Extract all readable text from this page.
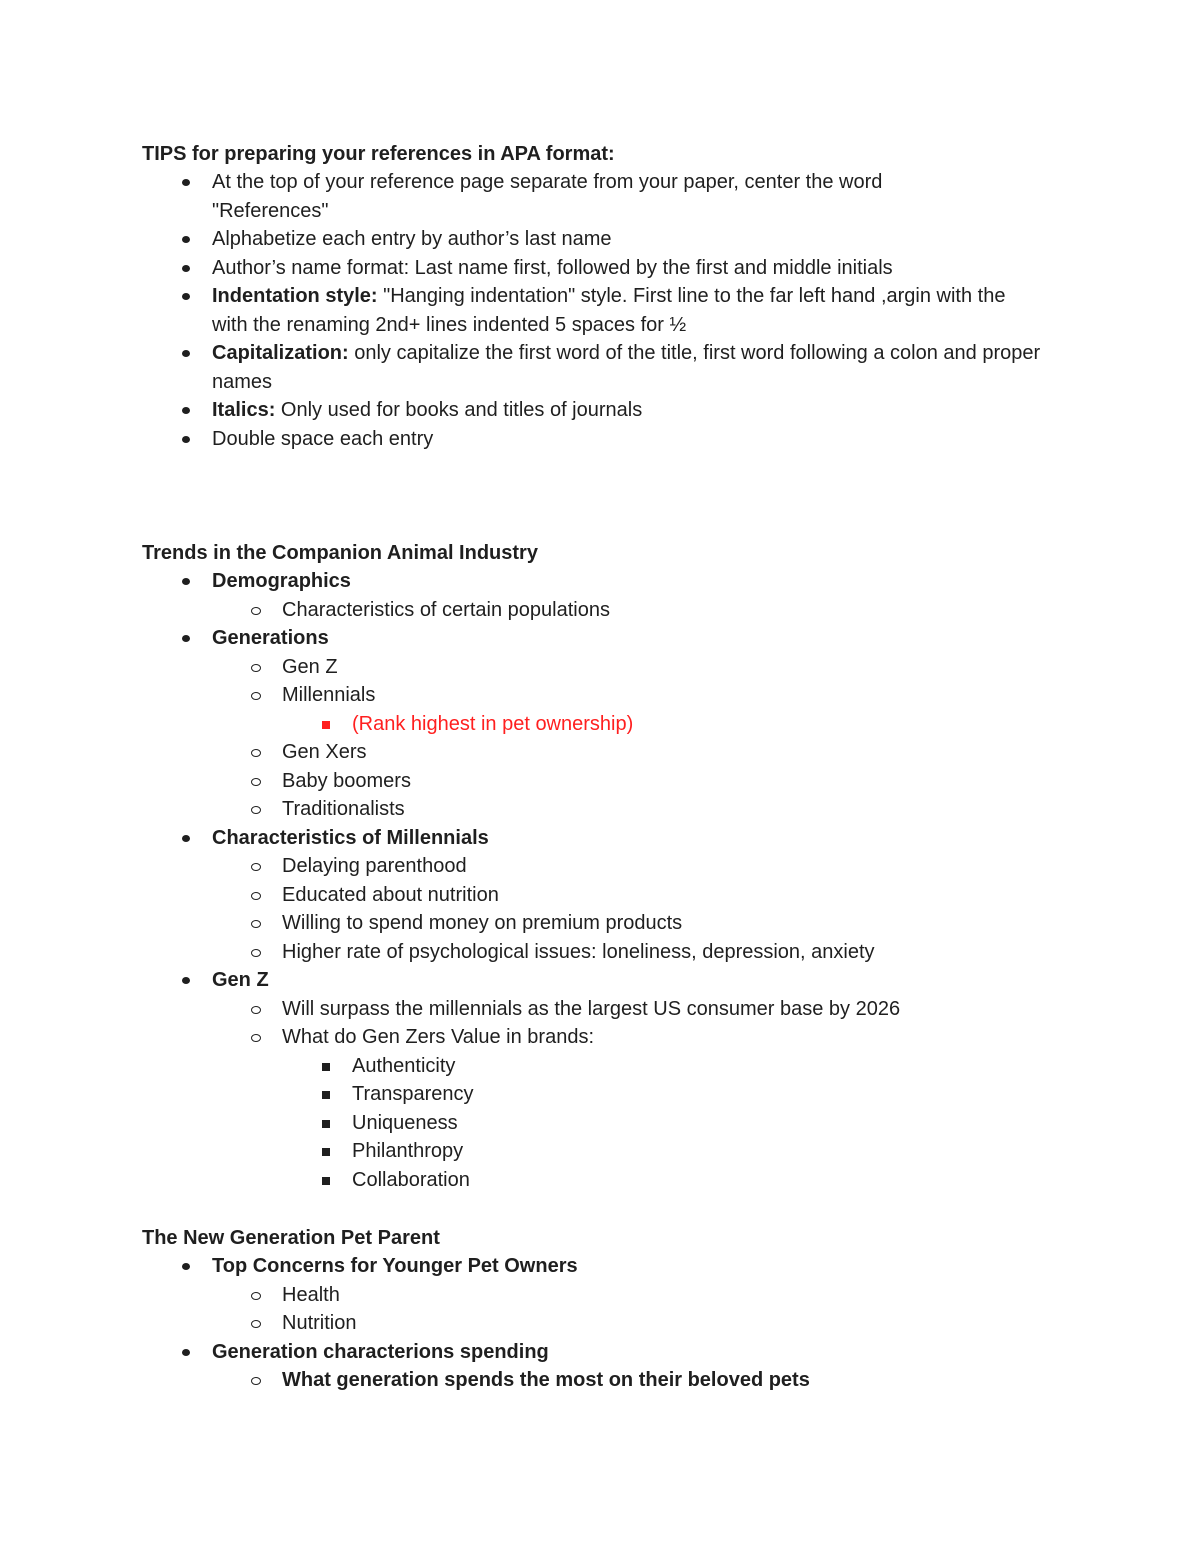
TIPS for preparing your references in APA format:
At the top of your reference page separate from your paper, center the word "References"
Alphabetize each entry by author’s last name
Author’s name format: Last name first, followed by the first and middle initials
Indentation style: "Hanging indentation" style. First line to the far left hand ,argin with the with the renaming 2nd+ lines indented 5 spaces for ½
Capitalization: only capitalize the first word of the title, first word following a colon and proper names
Italics: Only used for books and titles of journals
Double space each entry
Trends in the Companion Animal Industry
Demographics
Characteristics of certain populations
Generations
Gen Z
Millennials
(Rank highest in pet ownership)
Gen Xers
Baby boomers
Traditionalists
Characteristics of Millennials
Delaying parenthood
Educated about nutrition
Willing to spend money on premium products
Higher rate of psychological issues: loneliness, depression, anxiety
Gen Z
Will surpass the millennials as the largest US consumer base by 2026
What do Gen Zers Value in brands:
Authenticity
Transparency
Uniqueness
Philanthropy
Collaboration
The New Generation Pet Parent
Top Concerns for Younger Pet Owners
Health
Nutrition
Generation characterions spending
What generation spends the most on their beloved pets
